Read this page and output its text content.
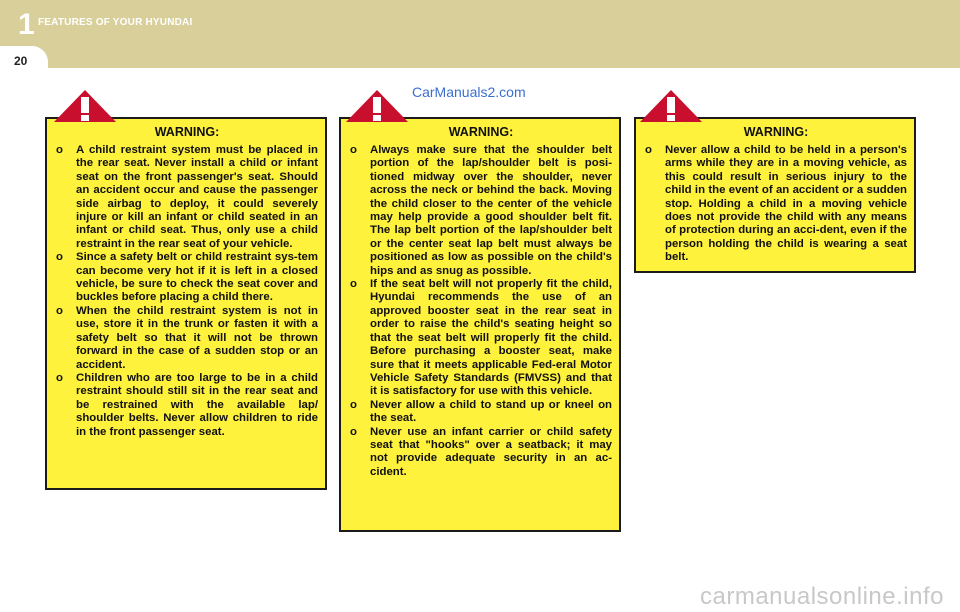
1 FEATURES OF YOUR HYUNDAI
20
CarManuals2.com
WARNING:
o A child restraint system must be placed in the rear seat. Never install a child or infant seat on the front passenger's seat. Should an accident occur and cause the passenger side airbag to deploy, it could severely injure or kill an infant or child seated in an infant or child seat. Thus, only use a child restraint in the rear seat of your vehicle.
o Since a safety belt or child restraint sys-tem can become very hot if it is left in a closed vehicle, be sure to check the seat cover and buckles before placing a child there.
o When the child restraint system is not in use, store it in the trunk or fasten it with a safety belt so that it will not be thrown forward in the case of a sudden stop or an accident.
o Children who are too large to be in a child restraint should still sit in the rear seat and be restrained with the available lap/ shoulder belts. Never allow children to ride in the front passenger seat.
WARNING:
o Always make sure that the shoulder belt portion of the lap/shoulder belt is posi-tioned midway over the shoulder, never across the neck or behind the back. Moving the child closer to the center of the vehicle may help provide a good shoulder belt fit. The lap belt portion of the lap/shoulder belt or the center seat lap belt must always be positioned as low as possible on the child's hips and as snug as possible.
o If the seat belt will not properly fit the child, Hyundai recommends the use of an approved booster seat in the rear seat in order to raise the child's seating height so that the seat belt will properly fit the child. Before purchasing a booster seat, make sure that it meets applicable Fed-eral Motor Vehicle Safety Standards (FMVSS) and that it is satisfactory for use with this vehicle.
o Never allow a child to stand up or kneel on the seat.
o Never use an infant carrier or child safety seat that "hooks" over a seatback; it may not provide adequate security in an ac-cident.
WARNING:
o Never allow a child to be held in a person's arms while they are in a moving vehicle, as this could result in serious injury to the child in the event of an accident or a sudden stop. Holding a child in a moving vehicle does not provide the child with any means of protection during an acci-dent, even if the person holding the child is wearing a seat belt.
carmanualsonline.info
